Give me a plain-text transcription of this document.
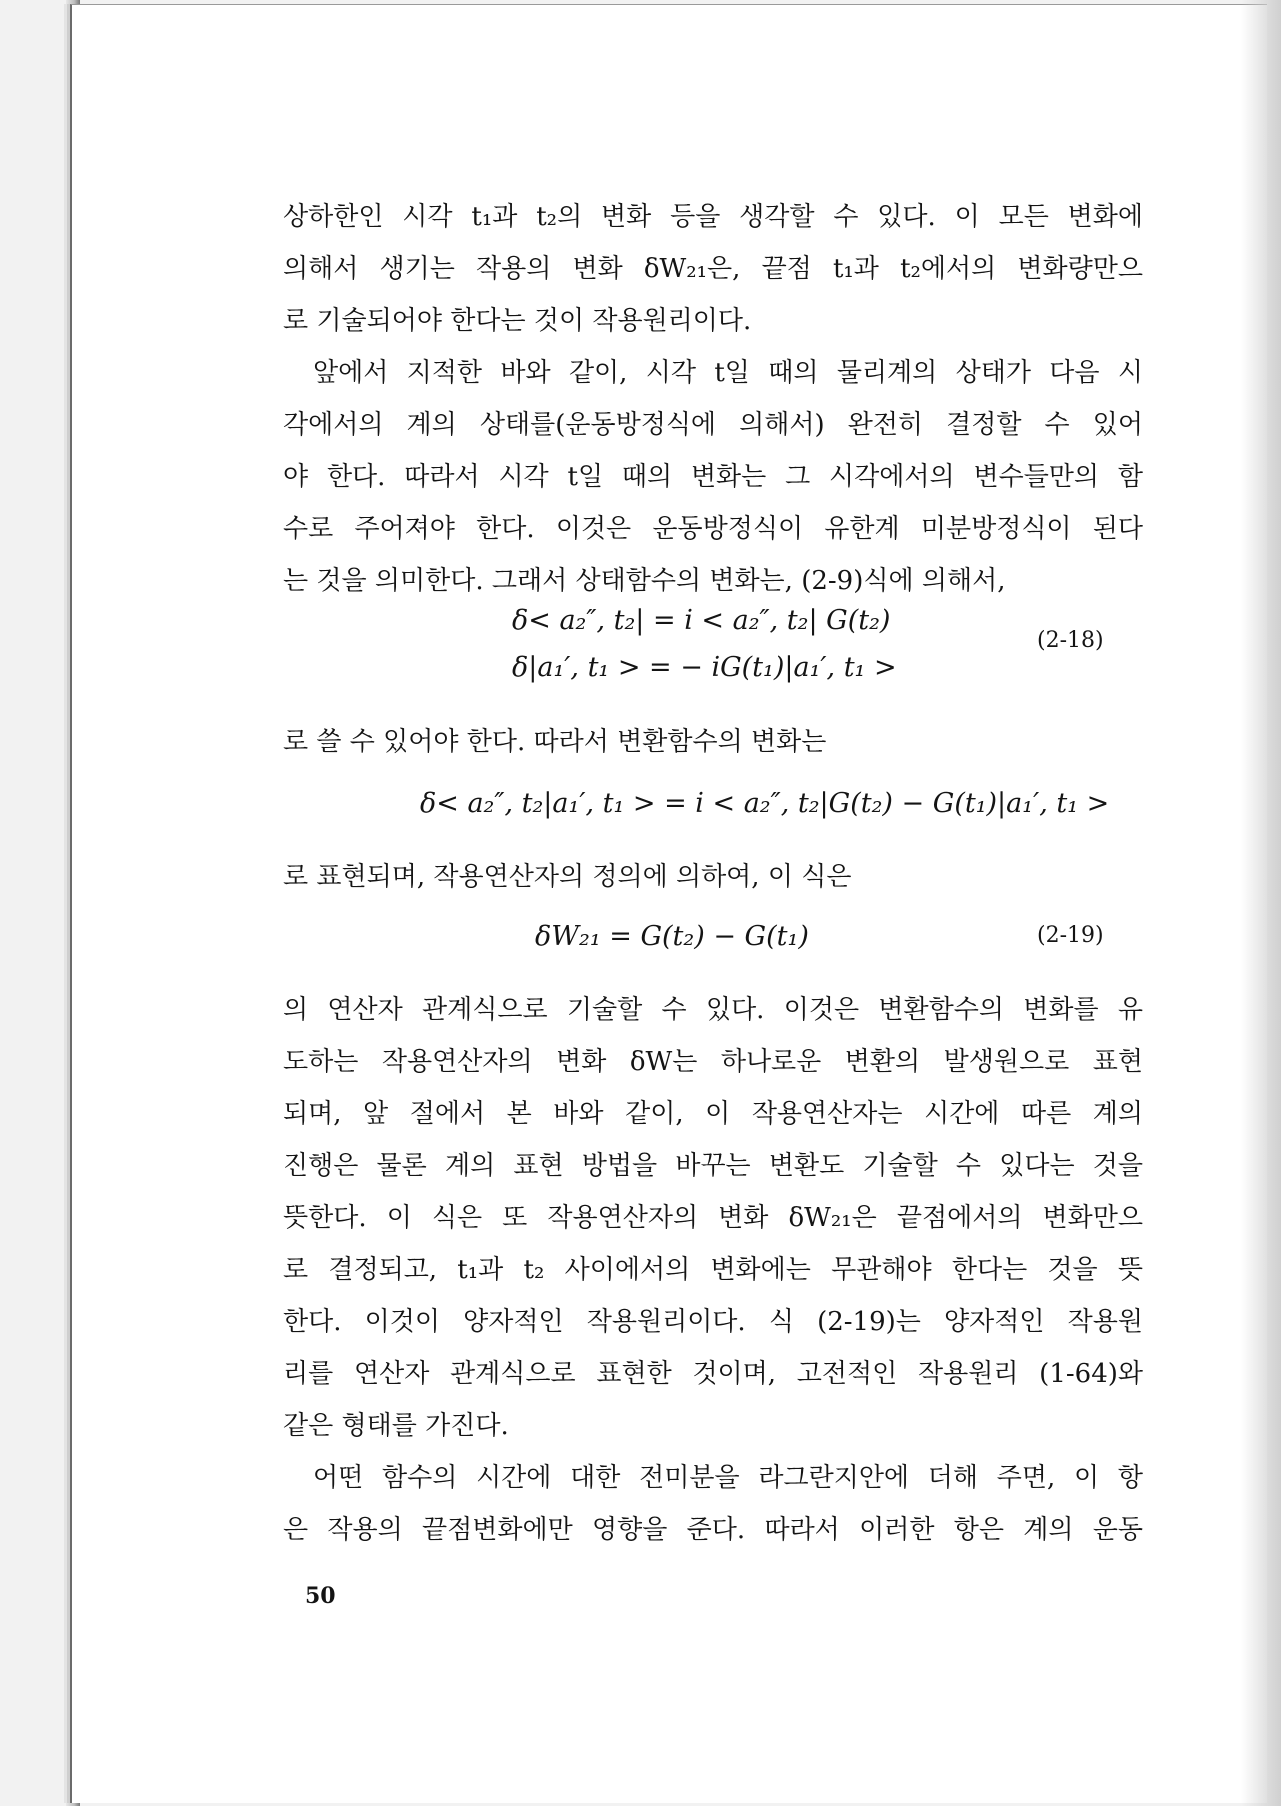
상하한인 시각 t₁과 t₂의 변화 등을 생각할 수 있다. 이 모든 변화에
의해서 생기는 작용의 변화 δW₂₁은, 끝점 t₁과 t₂에서의 변화량만으
로 기술되어야 한다는 것이 작용원리이다.
앞에서 지적한 바와 같이, 시각 t일 때의 물리계의 상태가 다음 시
각에서의 계의 상태를(운동방정식에 의해서) 완전히 결정할 수 있어
야 한다. 따라서 시각 t일 때의 변화는 그 시각에서의 변수들만의 함
수로 주어져야 한다. 이것은 운동방정식이 유한계 미분방정식이 된다
는 것을 의미한다. 그래서 상태함수의 변화는, (2-9)식에 의해서,
로 쓸 수 있어야 한다. 따라서 변환함수의 변화는
로 표현되며, 작용연산자의 정의에 의하여, 이 식은
의 연산자 관계식으로 기술할 수 있다. 이것은 변환함수의 변화를 유
도하는 작용연산자의 변화 δW는 하나로운 변환의 발생원으로 표현
되며, 앞 절에서 본 바와 같이, 이 작용연산자는 시간에 따른 계의
진행은 물론 계의 표현 방법을 바꾸는 변환도 기술할 수 있다는 것을
뜻한다. 이 식은 또 작용연산자의 변화 δW₂₁은 끝점에서의 변화만으
로 결정되고, t₁과 t₂ 사이에서의 변화에는 무관해야 한다는 것을 뜻
한다. 이것이 양자적인 작용원리이다. 식 (2-19)는 양자적인 작용원
리를 연산자 관계식으로 표현한 것이며, 고전적인 작용원리 (1-64)와
같은 형태를 가진다.
어떤 함수의 시간에 대한 전미분을 라그란지안에 더해 주면, 이 항
은 작용의 끝점변화에만 영향을 준다. 따라서 이러한 항은 계의 운동
δ< a₂″, t₂| = i < a₂″, t₂| G(t₂)
δ|a₁′, t₁ > = − iG(t₁)|a₁′, t₁ >
(2-18)
δ< a₂″, t₂|a₁′, t₁ > = i < a₂″, t₂|G(t₂) − G(t₁)|a₁′, t₁ >
δW₂₁ = G(t₂) − G(t₁)	(2-19)
50
